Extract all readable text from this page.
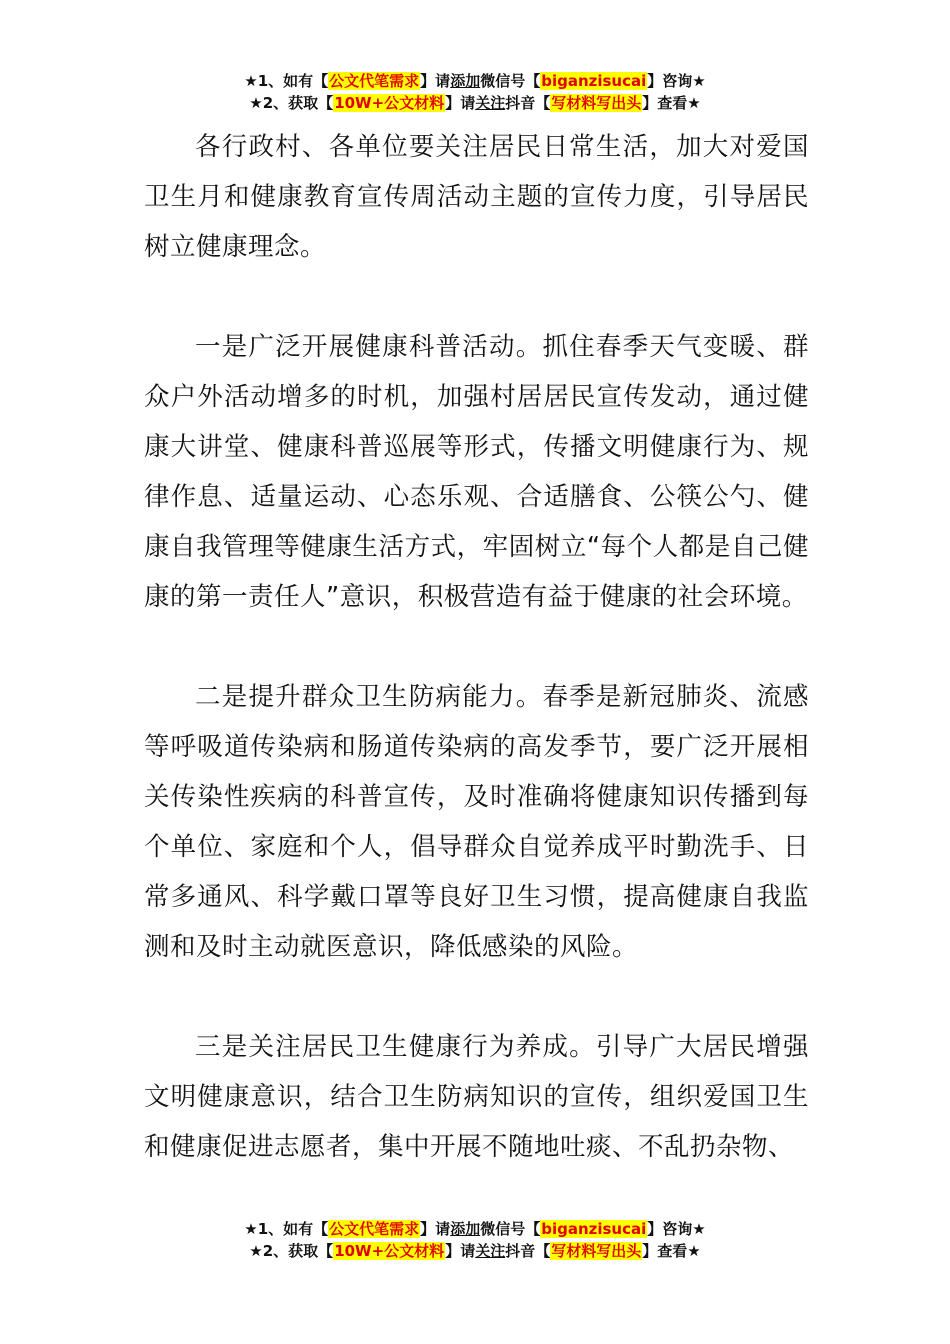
★1、如有【公文代笔需求】请添加微信号【biganzisucai】咨询★
★2、获取【10W+公文材料】请关注抖音【写材料写出头】查看★

各行政村、各单位要关注居民日常生活，加大对爱国卫生月和健康教育宣传周活动主题的宣传力度，引导居民树立健康理念。

一是广泛开展健康科普活动。抓住春季天气变暖、群众户外活动增多的时机，加强村居居民宣传发动，通过健康大讲堂、健康科普巡展等形式，传播文明健康行为、规律作息、适量运动、心态乐观、合适膳食、公筷公勺、健康自我管理等健康生活方式，牢固树立“每个人都是自己健康的第一责任人”意识，积极营造有益于健康的社会环境。

二是提升群众卫生防病能力。春季是新冠肺炎、流感等呼吸道传染病和肠道传染病的高发季节，要广泛开展相关传染性疾病的科普宣传，及时准确将健康知识传播到每个单位、家庭和个人，倡导群众自觉养成平时勤洗手、日常多通风、科学戴口罩等良好卫生习惯，提高健康自我监测和及时主动就医意识，降低感染的风险。

三是关注居民卫生健康行为养成。引导广大居民增强文明健康意识，结合卫生防病知识的宣传，组织爱国卫生和健康促进志愿者，集中开展不随地吐痰、不乱扔杂物、

★1、如有【公文代笔需求】请添加微信号【biganzisucai】咨询★
★2、获取【10W+公文材料】请关注抖音【写材料写出头】查看★
